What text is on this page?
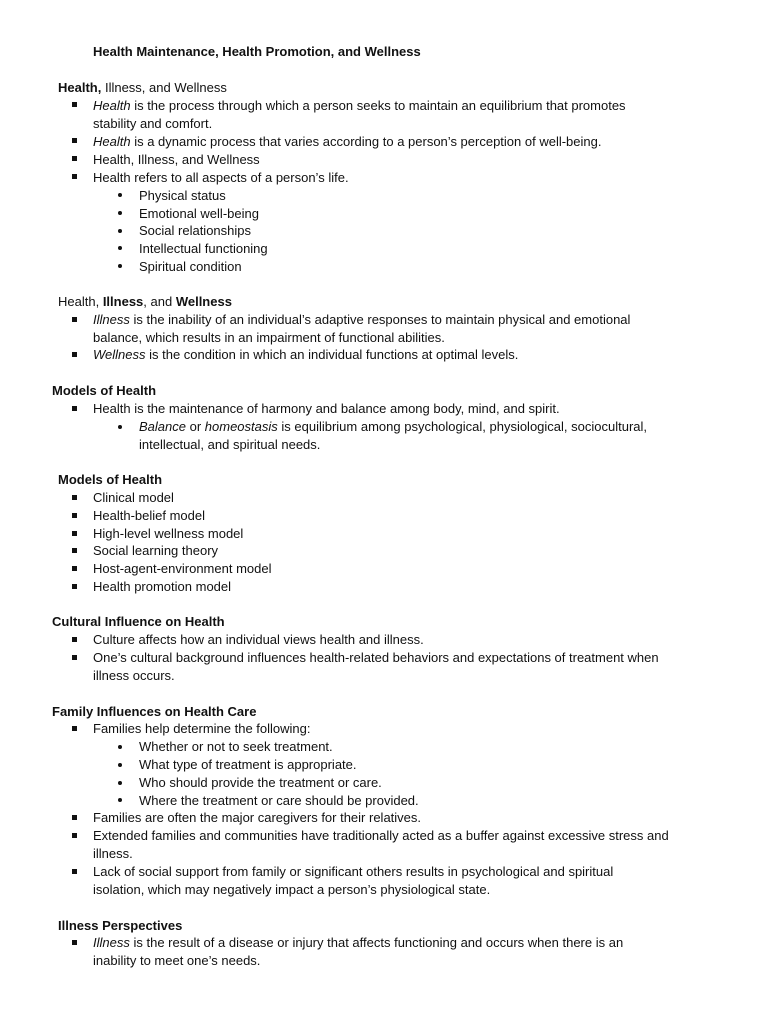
Health Maintenance, Health Promotion, and Wellness
Health, Illness, and Wellness
Health is the process through which a person seeks to maintain an equilibrium that promotes
stability and comfort.
Health is a dynamic process that varies according to a person’s perception of well-being.
Health, Illness, and Wellness
Health refers to all aspects of a person’s life.
Physical status
Emotional well-being
Social relationships
Intellectual functioning
Spiritual condition
Health, Illness, and Wellness
Illness is the inability of an individual’s adaptive responses to maintain physical and emotional
balance, which results in an impairment of functional abilities.
Wellness is the condition in which an individual functions at optimal levels.
Models of Health
Health is the maintenance of harmony and balance among body, mind, and spirit.
Balance or homeostasis is equilibrium among psychological, physiological, sociocultural,
intellectual, and spiritual needs.
Models of Health
Clinical model
Health-belief model
High-level wellness model
Social learning theory
Host-agent-environment model
Health promotion model
Cultural Influence on Health
Culture affects how an individual views health and illness.
One’s cultural background influences health-related behaviors and expectations of treatment when
illness occurs.
Family Influences on Health Care
Families help determine the following:
Whether or not to seek treatment.
What type of treatment is appropriate.
Who should provide the treatment or care.
Where the treatment or care should be provided.
Families are often the major caregivers for their relatives.
Extended families and communities have traditionally acted as a buffer against excessive stress and
illness.
Lack of social support from family or significant others results in psychological and spiritual
isolation, which may negatively impact a person’s physiological state.
Illness Perspectives
Illness is the result of a disease or injury that affects functioning and occurs when there is an
inability to meet one’s needs.
